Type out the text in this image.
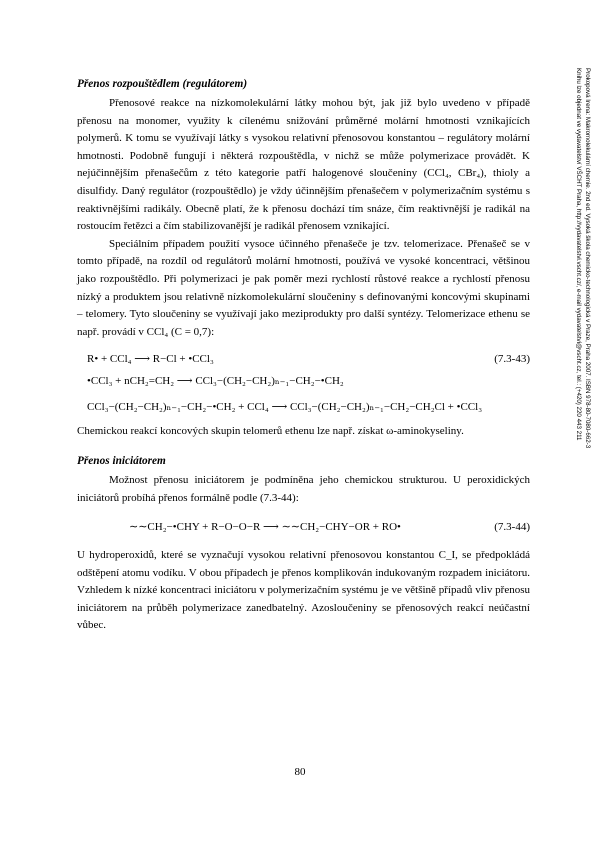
Prokopová Irena: Makromolekulární chemie. 2nd ed. Vysoká škola chemicko-technologická v Praze, Praha 2007. ISBN 978-80-7080-662-3
Knihu lze objednat ve vydavatelství VŠCHT Praha, http://vydavatelstvi.vscht.cz/, e-mail vydavatelstvi@vscht.cz, tel.: (+420) 220 443 211
Přenos rozpouštědlem (regulátorem)

Přenosové reakce na nízkomolekulární látky mohou být, jak již bylo uvedeno v případě přenosu na monomer, využity k cílenému snižování průměrné molární hmotnosti vznikajících polymerů. K tomu se využívají látky s vysokou relativní přenosovou konstantou – regulátory molární hmotnosti. Podobně fungují i některá rozpouštědla, v nichž se může polymerizace provádět. K nejúčinnějším přenašečům z této kategorie patří halogenové sloučeniny (CCl₄, CBr₄), thioly a disulfidy. Daný regulátor (rozpouštědlo) je vždy účinnějším přenašečem v polymerizačním systému s reaktivnějšími radikály. Obecně platí, že k přenosu dochází tím snáze, čím reaktivnější je radikál na rostoucím řetězci a čím stabilizovanější je radikál přenosem vznikající.

Speciálním případem použití vysoce účinného přenašeče je tzv. telomerizace. Přenašeč se v tomto případě, na rozdíl od regulátorů molární hmotnosti, používá ve vysoké koncentraci, většinou jako rozpouštědlo. Při polymerizaci je pak poměr mezi rychlostí růstové reakce a rychlostí přenosu nízký a produktem jsou relativně nízkomolekulární sloučeniny s definovanými koncovými skupinami – telomery. Tyto sloučeniny se využívají jako meziprodukty pro další syntézy. Telomerizace ethenu se např. provádí v CCl₄ (C = 0,7):

R• + CCl₄ ⟶ R−Cl + •CCl₃	(7.3-43)
•CCl₃ + nCH₂=CH₂ ⟶ CCl₃−(CH₂−CH₂)ₙ₋₁−CH₂−•CH₂
CCl₃−(CH₂−CH₂)ₙ₋₁−CH₂−•CH₂ + CCl₄ ⟶ CCl₃−(CH₂−CH₂)ₙ₋₁−CH₂−CH₂Cl + •CCl₃

Chemickou reakcí koncových skupin telomerů ethenu lze např. získat ω-aminokyseliny.

Přenos iniciátorem

Možnost přenosu iniciátorem je podmíněna jeho chemickou strukturou. U peroxidických iniciátorů probíhá přenos formálně podle (7.3-44):

∼∼CH₂−•CHY + R−O−O−R ⟶ ∼∼CH₂−CHY−OR + RO•	(7.3-44)

U hydroperoxidů, které se vyznačují vysokou relativní přenosovou konstantou C_I, se předpokládá odštěpení atomu vodíku. V obou případech je přenos komplikován indukovaným rozpadem iniciátoru. Vzhledem k nízké koncentraci iniciátoru v polymerizačním systému je ve většině případů vliv přenosu iniciátorem na průběh polymerizace zanedbatelný. Azosloučeniny se přenosových reakcí neúčastní vůbec.

80
